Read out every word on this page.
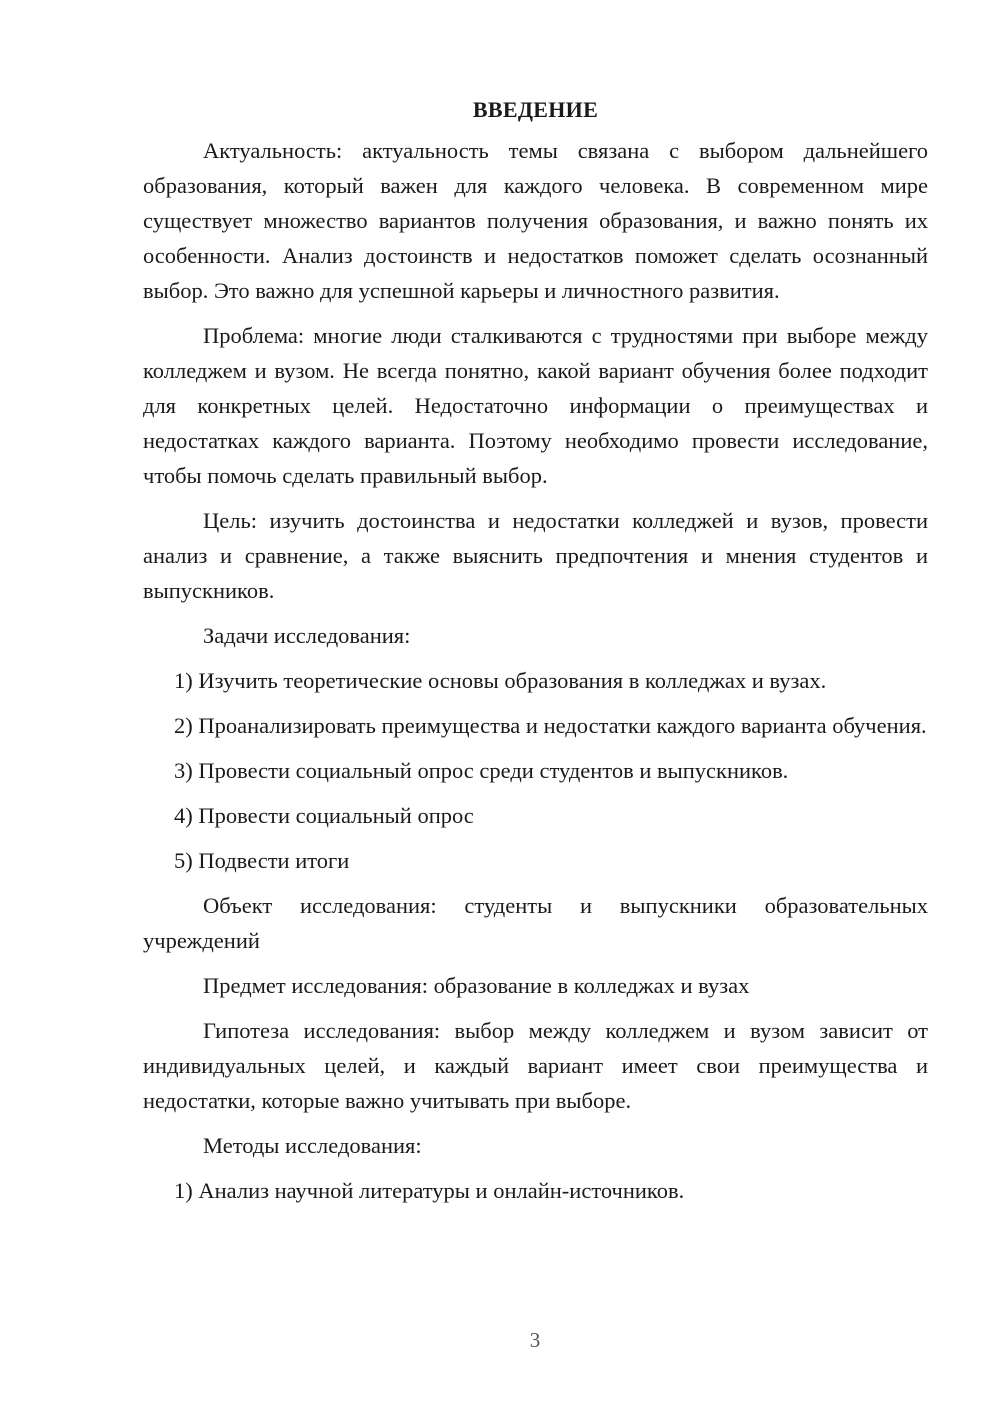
ВВЕДЕНИЕ

Актуальность: актуальность темы связана с выбором дальнейшего образования, который важен для каждого человека. В современном мире существует множество вариантов получения образования, и важно понять их особенности. Анализ достоинств и недостатков поможет сделать осознанный выбор. Это важно для успешной карьеры и личностного развития.

Проблема: многие люди сталкиваются с трудностями при выборе между колледжем и вузом. Не всегда понятно, какой вариант обучения более подходит для конкретных целей. Недостаточно информации о преимуществах и недостатках каждого варианта. Поэтому необходимо провести исследование, чтобы помочь сделать правильный выбор.

Цель: изучить достоинства и недостатки колледжей и вузов, провести анализ и сравнение, а также выяснить предпочтения и мнения студентов и выпускников.

Задачи исследования:

1) Изучить теоретические основы образования в колледжах и вузах.

2) Проанализировать преимущества и недостатки каждого варианта обучения.

3) Провести социальный опрос среди студентов и выпускников.

4) Провести социальный опрос

5) Подвести итоги

Объект исследования: студенты и выпускники образовательных учреждений

Предмет исследования: образование в колледжах и вузах

Гипотеза исследования: выбор между колледжем и вузом зависит от индивидуальных целей, и каждый вариант имеет свои преимущества и недостатки, которые важно учитывать при выборе.

Методы исследования:

1) Анализ научной литературы и онлайн-источников.

3
